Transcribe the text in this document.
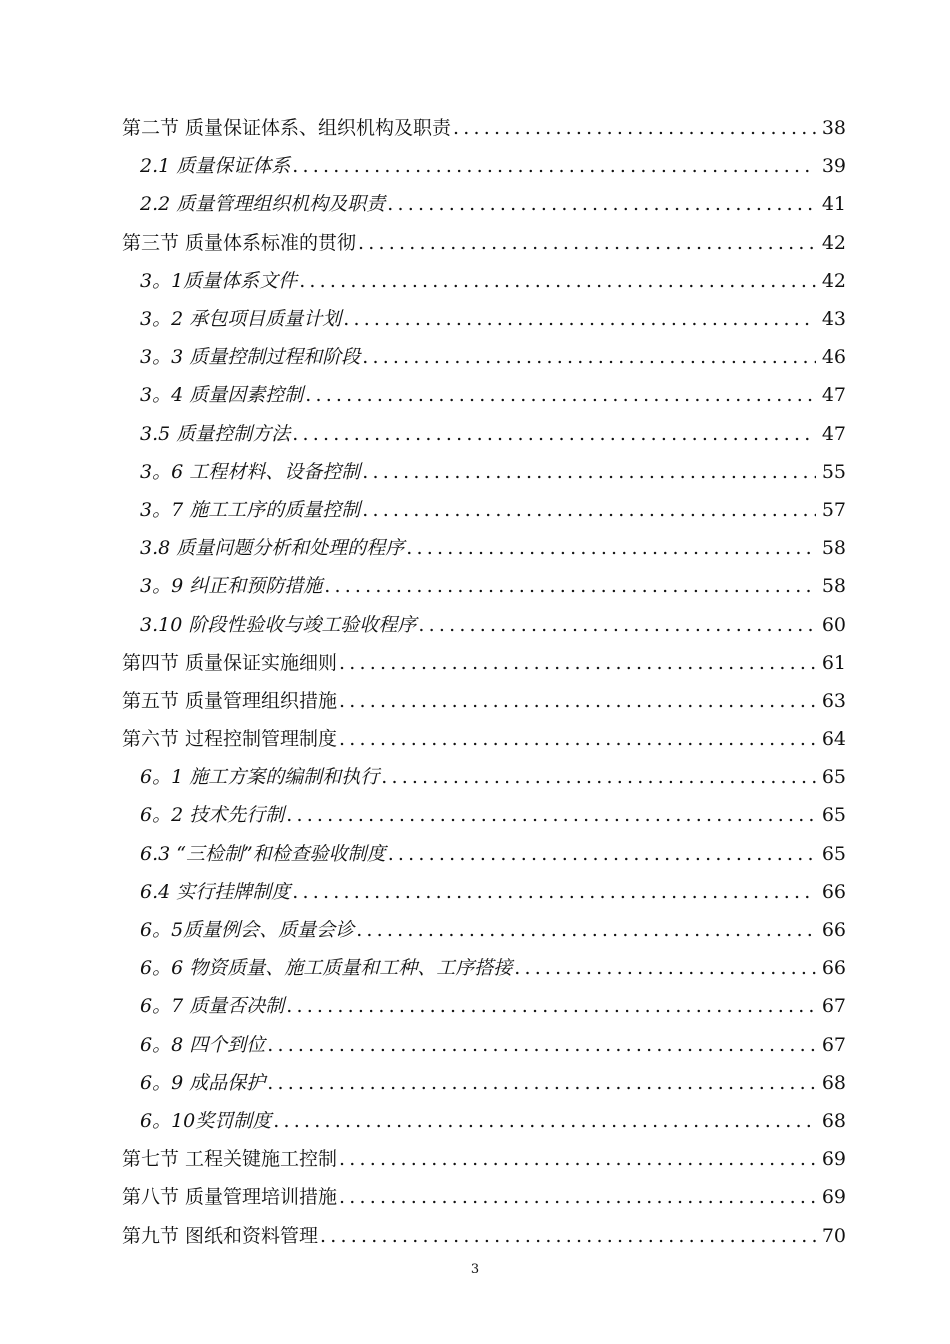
第二节 质量保证体系、组织机构及职责 .....	38
2.1 质量保证体系 .....	39
2.2 质量管理组织机构及职责 .....	41
第三节 质量体系标准的贯彻 .....	42
3。1质量体系文件 .....	42
3。2 承包项目质量计划 .....	43
3。3 质量控制过程和阶段 .....	46
3。4 质量因素控制 .....	47
3.5 质量控制方法 .....	47
3。6 工程材料、设备控制 .....	55
3。7 施工工序的质量控制 .....	57
3.8 质量问题分析和处理的程序 .....	58
3。9 纠正和预防措施 .....	58
3.10 阶段性验收与竣工验收程序 .....	60
第四节 质量保证实施细则 .....	61
第五节 质量管理组织措施 .....	63
第六节 过程控制管理制度 .....	64
6。1 施工方案的编制和执行 .....	65
6。2 技术先行制 .....	65
6.3 “三检制”和检查验收制度 .....	65
6.4 实行挂牌制度 .....	66
6。5质量例会、质量会诊 .....	66
6。6 物资质量、施工质量和工种、工序搭接 .....	66
6。7 质量否决制 .....	67
6。8 四个到位 .....	67
6。9 成品保护 .....	68
6。10奖罚制度 .....	68
第七节 工程关键施工控制 .....	69
第八节 质量管理培训措施 .....	69
第九节 图纸和资料管理 .....	70
3
